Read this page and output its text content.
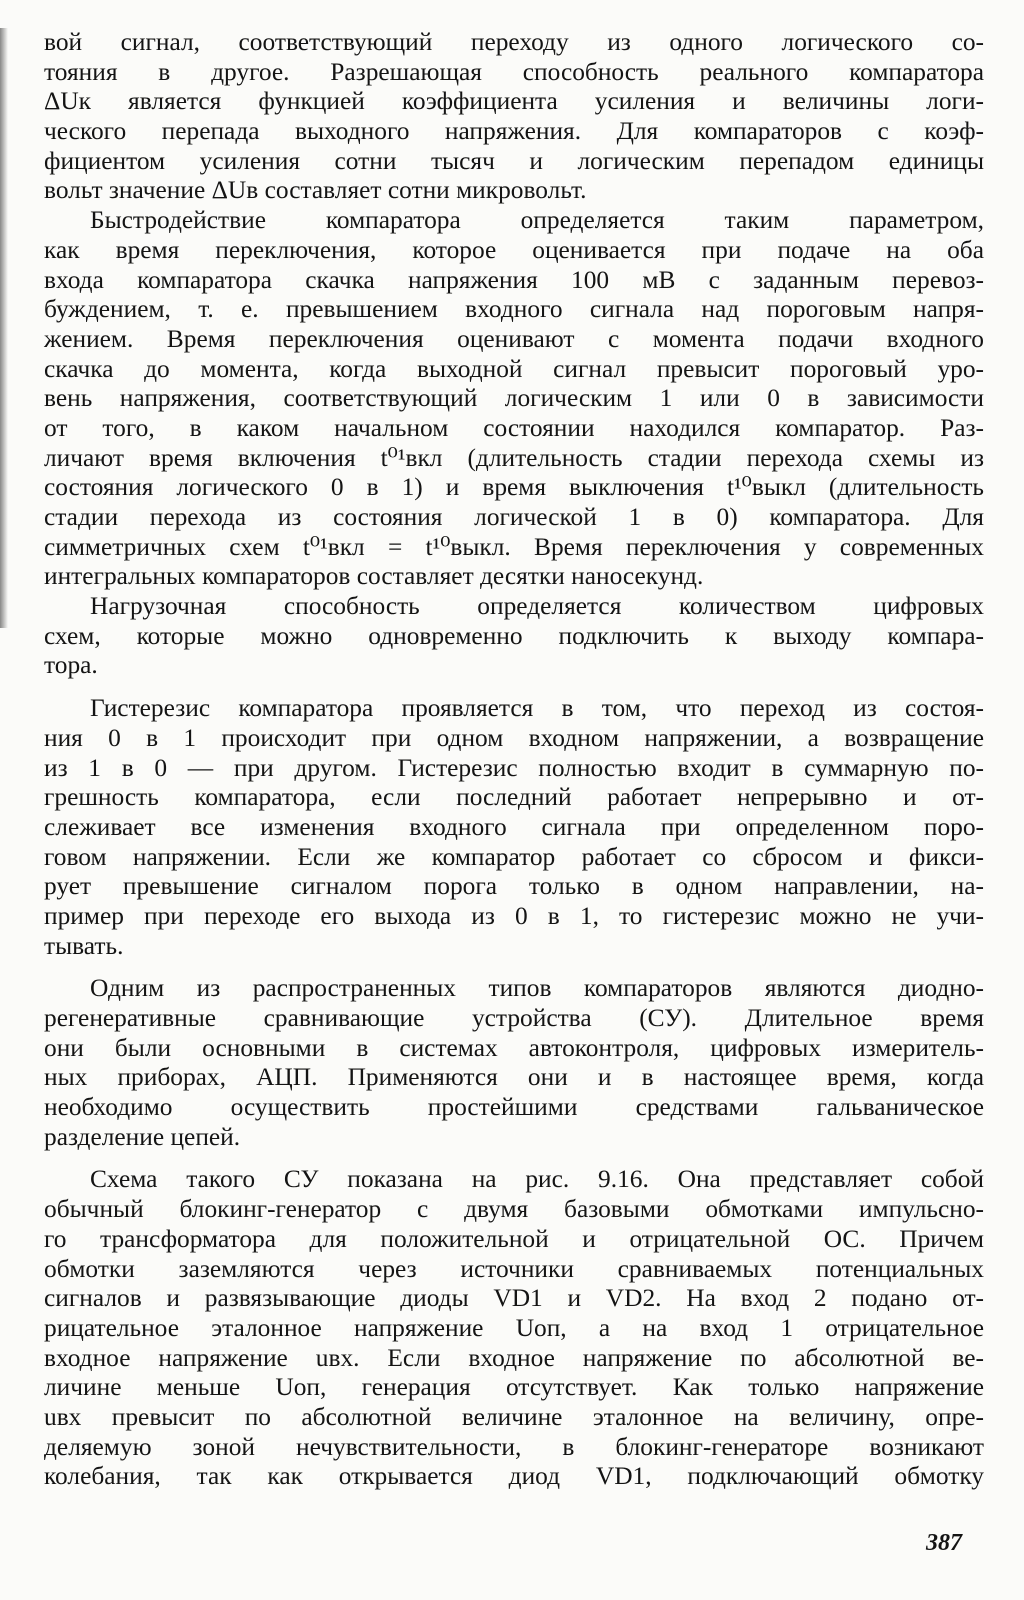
вой сигнал, соответствующий переходу из одного логического со-
тояния в другое. Разрешающая способность реального компаратора
ΔUк является функцией коэффициента усиления и величины логи-
ческого перепада выходного напряжения. Для компараторов с коэф-
фициентом усиления сотни тысяч и логическим перепадом единицы
вольт значение ΔUв составляет сотни микровольт.
Быстродействие компаратора определяется таким параметром,
как время переключения, которое оценивается при подаче на оба
входа компаратора скачка напряжения 100 мВ с заданным перевоз-
буждением, т. е. превышением входного сигнала над пороговым напря-
жением. Время переключения оценивают с момента подачи входного
скачка до момента, когда выходной сигнал превысит пороговый уро-
вень напряжения, соответствующий логическим 1 или 0 в зависимости
от того, в каком начальном состоянии находился компаратор. Раз-
личают время включения t⁰¹вкл (длительность стадии перехода схемы из
состояния логического 0 в 1) и время выключения t¹⁰выкл (длительность
стадии перехода из состояния логической 1 в 0) компаратора. Для
симметричных схем t⁰¹вкл = t¹⁰выкл. Время переключения у современных
интегральных компараторов составляет десятки наносекунд.
Нагрузочная способность определяется количеством цифровых
схем, которые можно одновременно подключить к выходу компара-
тора.
Гистерезис компаратора проявляется в том, что переход из состоя-
ния 0 в 1 происходит при одном входном напряжении, а возвращение
из 1 в 0 — при другом. Гистерезис полностью входит в суммарную по-
грешность компаратора, если последний работает непрерывно и от-
слеживает все изменения входного сигнала при определенном поро-
говом напряжении. Если же компаратор работает со сбросом и фикси-
рует превышение сигналом порога только в одном направлении, на-
пример при переходе его выхода из 0 в 1, то гистерезис можно не учи-
тывать.
Одним из распространенных типов компараторов являются диодно-
регенеративные сравнивающие устройства (СУ). Длительное время
они были основными в системах автоконтроля, цифровых измеритель-
ных приборах, АЦП. Применяются они и в настоящее время, когда
необходимо осуществить простейшими средствами гальваническое
разделение цепей.
Схема такого СУ показана на рис. 9.16. Она представляет собой
обычный блокинг-генератор с двумя базовыми обмотками импульсно-
го трансформатора для положительной и отрицательной ОС. Причем
обмотки заземляются через источники сравниваемых потенциальных
сигналов и развязывающие диоды VD1 и VD2. На вход 2 подано от-
рицательное эталонное напряжение Uоп, а на вход 1 отрицательное
входное напряжение uвх. Если входное напряжение по абсолютной ве-
личине меньше Uоп, генерация отсутствует. Как только напряжение
uвх превысит по абсолютной величине эталонное на величину, опре-
деляемую зоной нечувствительности, в блокинг-генераторе возникают
колебания, так как открывается диод VD1, подключающий обмотку
387
